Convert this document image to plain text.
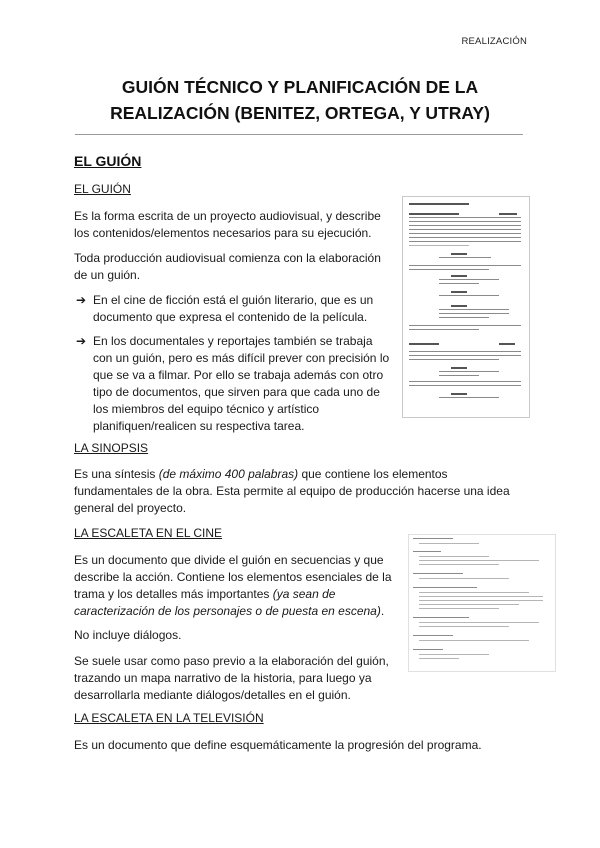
REALIZACIÓN
GUIÓN TÉCNICO Y PLANIFICACIÓN DE LA
REALIZACIÓN (BENITEZ, ORTEGA, Y UTRAY)
EL GUIÓN
EL GUIÓN
Es la forma escrita de un proyecto audiovisual, y describe
los contenidos/elementos necesarios para su ejecución.
Toda producción audiovisual comienza con la elaboración
de un guión.
➔ En el cine de ficción está el guión literario, que es un
documento que expresa el contenido de la película.
➔ En los documentales y reportajes también se trabaja
con un guión, pero es más difícil prever con precisión lo
que se va a filmar. Por ello se trabaja además con otro
tipo de documentos, que sirven para que cada uno de
los miembros del equipo técnico y artístico
planifiquen/realicen su respectiva tarea.
LA SINOPSIS
Es una síntesis (de máximo 400 palabras) que contiene los elementos
fundamentales de la obra. Esta permite al equipo de producción hacerse una idea
general del proyecto.
LA ESCALETA EN EL CINE
Es un documento que divide el guión en secuencias y que
describe la acción. Contiene los elementos esenciales de la
trama y los detalles más importantes (ya sean de
caracterización de los personajes o de puesta en escena).
No incluye diálogos.
Se suele usar como paso previo a la elaboración del guión,
trazando un mapa narrativo de la historia, para luego ya
desarrollarla mediante diálogos/detalles en el guión.
LA ESCALETA EN LA TELEVISIÓN
Es un documento que define esquemáticamente la progresión del programa.
